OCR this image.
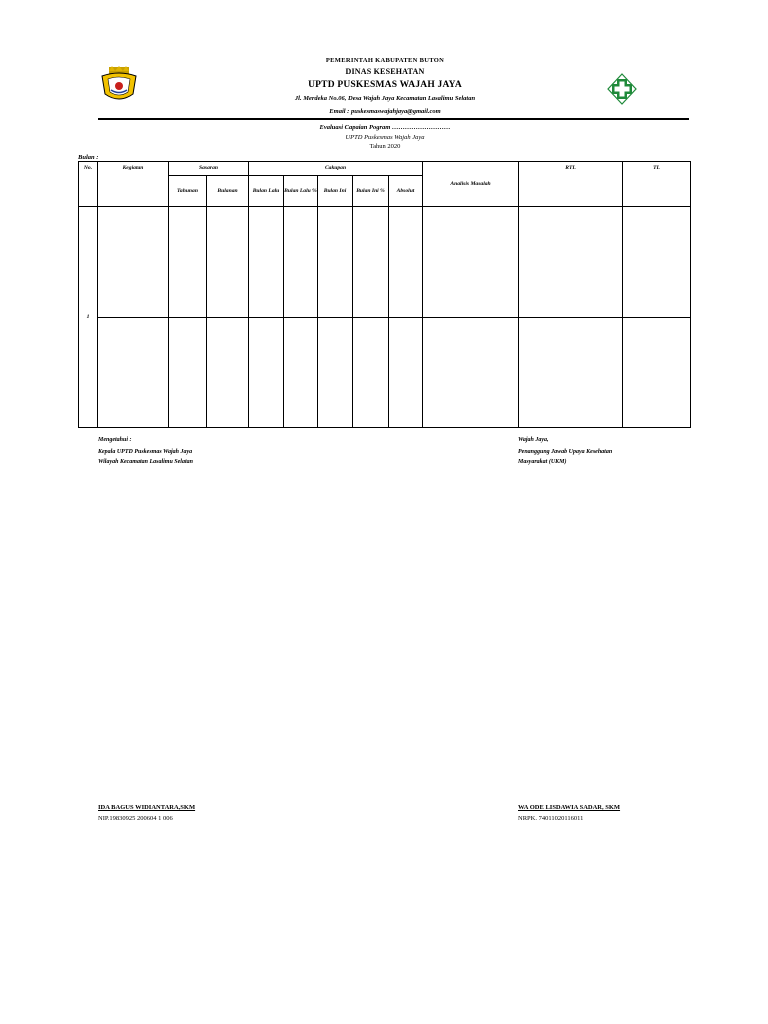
PEMERINTAH KABUPATEN BUTON
DINAS KESEHATAN
UPTD PUSKESMAS WAJAH JAYA
Jl. Merdeka No.06, Desa Wajah Jaya Kecamatan Lasalimu Selatan
Email : puskesmaswajahjaya@gmail.com
Evaluasi Capaian Pogram ………………………
UPTD Puskesmas Wajah Jaya
Tahun 2020
Bulan :
No.	Kegiatan	Sasaran		Cakupan					Analisis Masalah	RTL	TL
		Tahunan	Bulanan	Bulan Lalu	Bulan Lalu %	Bulan Ini	Bulan Ini %	Absolut			
1											

Mengetahui :
Kepala UPTD Puskesmas Wajah Jaya
Wilayah Kecamatan Lasalimu Selatan
Wajah Jaya,
Penanggung Jawab Upaya Kesehatan
Masyarakat (UKM)
IDA BAGUS WIDIANTARA,SKM
NIP.19830925 200604 1 006
WA ODE LISDAWIA SADAR, SKM
NRPK. 74011020116011
